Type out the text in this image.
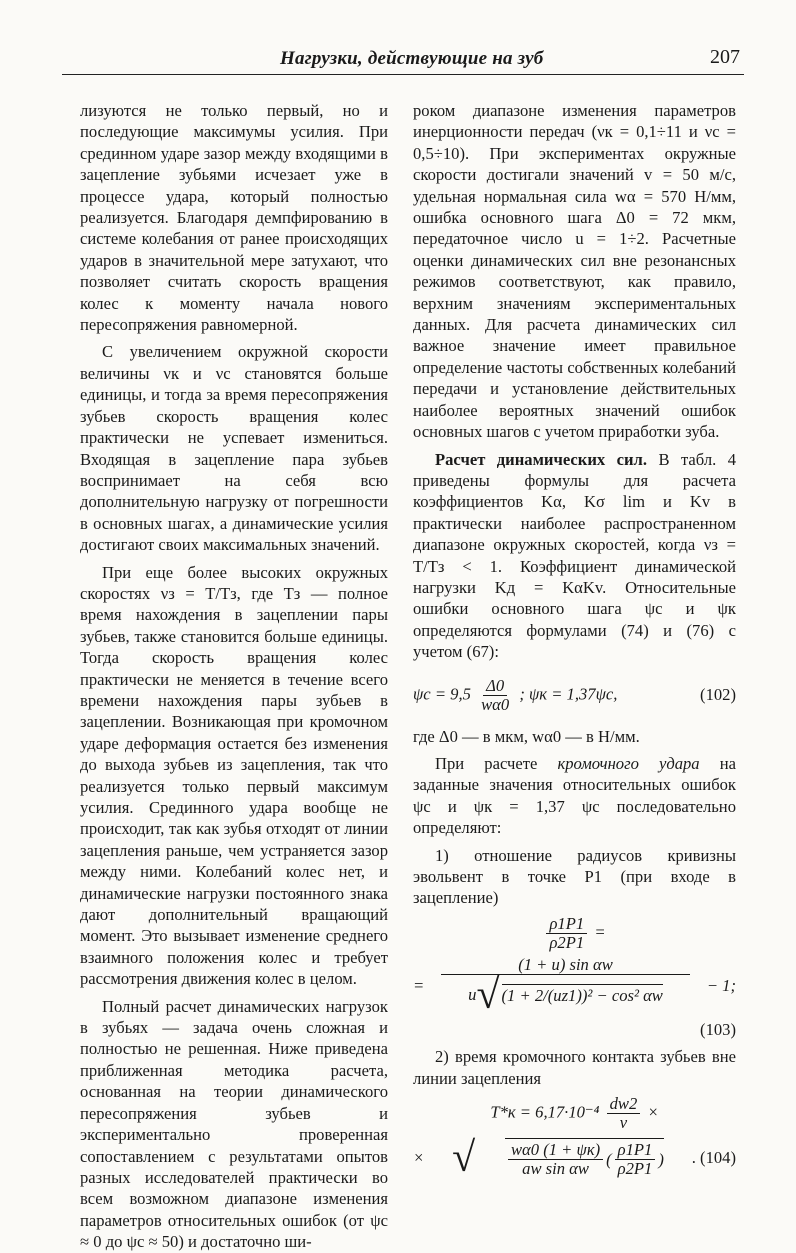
Нагрузки, действующие на зуб	207

лизуются не только первый, но и последующие максимумы усилия. При срединном ударе зазор между входящими в зацепление зубьями исчезает уже в процессе удара, который полностью реализуется. Благодаря демпфированию в системе колебания от ранее происходящих ударов в значительной мере затухают, что позволяет считать скорость вращения колес к моменту начала нового пересопряжения равномерной.

С увеличением окружной скорости величины νк и νc становятся больше единицы, и тогда за время пересопряжения зубьев скорость вращения колес практически не успевает измениться. Входящая в зацепление пара зубьев воспринимает на себя всю дополнительную нагрузку от погрешности в основных шагах, а динамические усилия достигают своих максимальных значений.

При еще более высоких окружных скоростях νз = T/Tз, где Tз — полное время нахождения в зацеплении пары зубьев, также становится больше единицы. Тогда скорость вращения колес практически не меняется в течение всего времени нахождения пары зубьев в зацеплении. Возникающая при кромочном ударе деформация остается без изменения до выхода зубьев из зацепления, так что реализуется только первый максимум усилия. Срединного удара вообще не происходит, так как зубья отходят от линии зацепления раньше, чем устраняется зазор между ними. Колебаний колес нет, и динамические нагрузки постоянного знака дают дополнительный вращающий момент. Это вызывает изменение среднего взаимного положения колес и требует рассмотрения движения колес в целом.

Полный расчет динамических нагрузок в зубьях — задача очень сложная и полностью не решенная. Ниже приведена приближенная методика расчета, основанная на теории динамического пересопряжения зубьев и экспериментально проверенная сопоставлением с результатами опытов разных исследователей практически во всем возможном диапазоне изменения параметров относительных ошибок (от ψc ≈ 0 до ψc ≈ 50) и достаточно ши-

роком диапазоне изменения параметров инерционности передач (νк = 0,1÷11 и νc = 0,5÷10). При экспериментах окружные скорости достигали значений v = 50 м/с, удельная нормальная сила wα = 570 Н/мм, ошибка основного шага Δ0 = 72 мкм, передаточное число u = 1÷2. Расчетные оценки динамических сил вне резонансных режимов соответствуют, как правило, верхним значениям экспериментальных данных. Для расчета динамических сил важное значение имеет правильное определение частоты собственных колебаний передачи и установление действительных наиболее вероятных значений ошибок основных шагов с учетом приработки зуба.

Расчет динамических сил. В табл. 4 приведены формулы для расчета коэффициентов Kα, Kσ lim и Kv в практически наиболее распространенном диапазоне окружных скоростей, когда νз = T/Tз < 1. Коэффициент динамической нагрузки Kд = KαKv. Относительные ошибки основного шага ψc и ψк определяются формулами (74) и (76) с учетом (67):

$\psi c = 9,5 \frac{\Delta 0}{w\alpha 0}$ ; ψк = 1,37ψc,	(102)

где Δ0 — в мкм, wα0 — в Н/мм.

При расчете кромочного удара на заданные значения относительных ошибок ψc и ψк = 1,37 ψc последовательно определяют:

1) отношение радиусов кривизны эвольвент в точке P1 (при входе в зацепление)

$\frac{\rho 1P1}{\rho 2P1}$ =
= $\frac{\text{(1 + u) sin αw}}{\text{u √ (1 + 2/(uz1))² − cos² αw}} - 1$;
(103)

2) время кромочного контакта зубьев вне линии зацепления

$T*к = 6,17\cdot 10^{-4} \frac{dw2}{v}$ ×
× √ $\frac{w\alpha 0 (1 + \psi к)}{\text{aw sin αw}}$ ( $\frac{\rho 1P1}{\rho 2P1}$ ) . (104)
